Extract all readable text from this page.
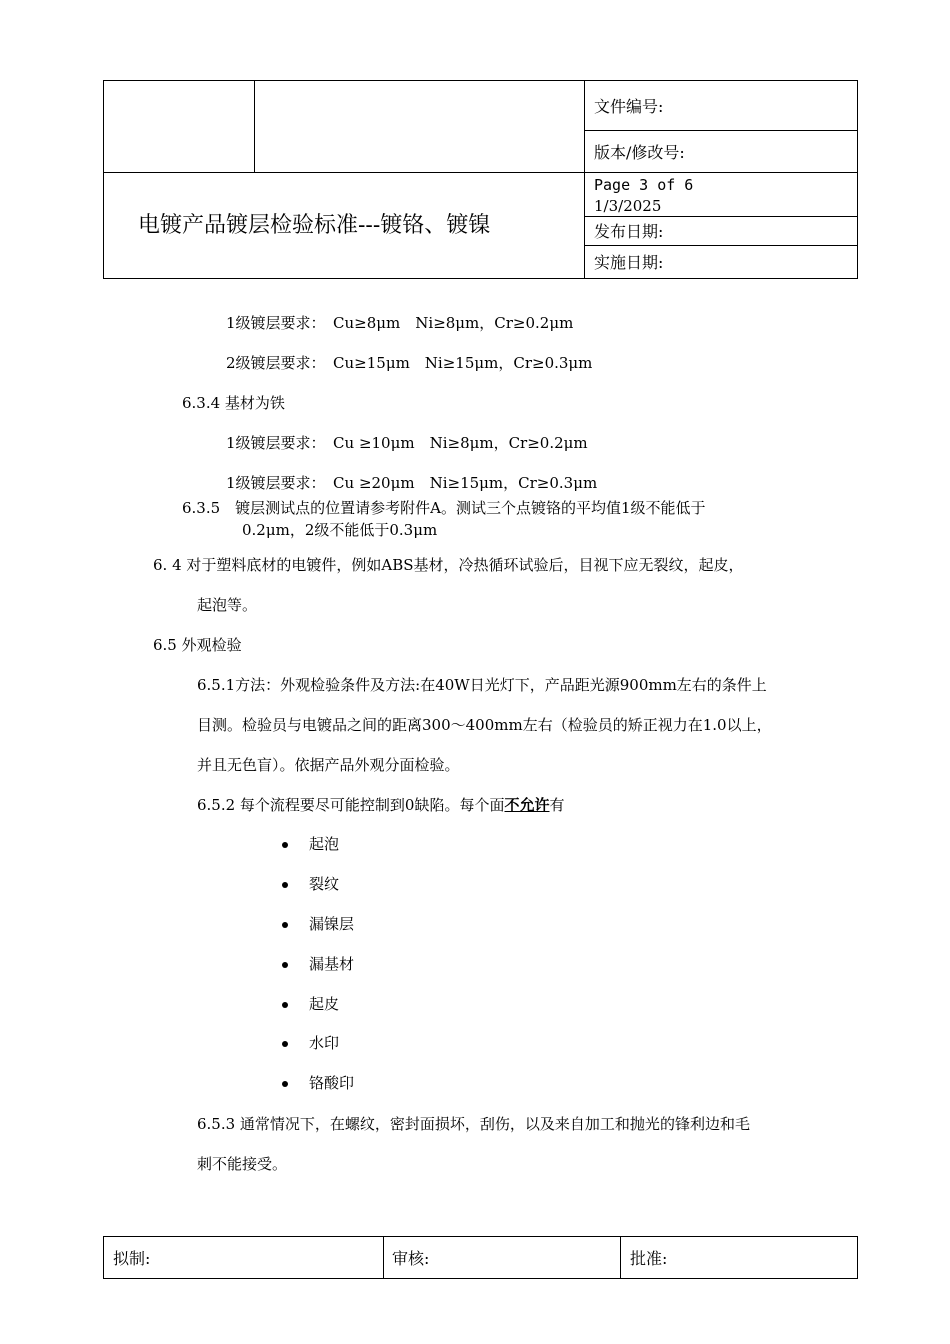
文件编号:
版本/修改号:
电镀产品镀层检验标准---镀铬、镀镍
Page 3 of 6
1/3/2025
发布日期:
实施日期:
1级镀层要求：　Cu≥8μm　Ni≥8μm，Cr≥0.2μm
2级镀层要求：　Cu≥15μm　Ni≥15μm，Cr≥0.3μm
6.3.4 基材为铁
1级镀层要求：　Cu ≥10μm　Ni≥8μm，Cr≥0.2μm
1级镀层要求：　Cu ≥20μm　Ni≥15μm，Cr≥0.3μm
6.3.5　镀层测试点的位置请参考附件A。测试三个点镀铬的平均值1级不能低于
0.2μm，2级不能低于0.3μm
6. 4 对于塑料底材的电镀件，例如ABS基材，冷热循环试验后，目视下应无裂纹，起皮，
起泡等。
6.5 外观检验
6.5.1方法：外观检验条件及方法:在40W日光灯下，产品距光源900mm左右的条件上
目测。检验员与电镀品之间的距离300～400mm左右（检验员的矫正视力在1.0以上，
并且无色盲）。依据产品外观分面检验。
6.5.2 每个流程要尽可能控制到0缺陷。每个面不允许有
起泡
裂纹
漏镍层
漏基材
起皮
水印
铬酸印
6.5.3 通常情况下，在螺纹，密封面损坏，刮伤，以及来自加工和抛光的锋利边和毛
刺不能接受。
拟制:	审核:	批准:
